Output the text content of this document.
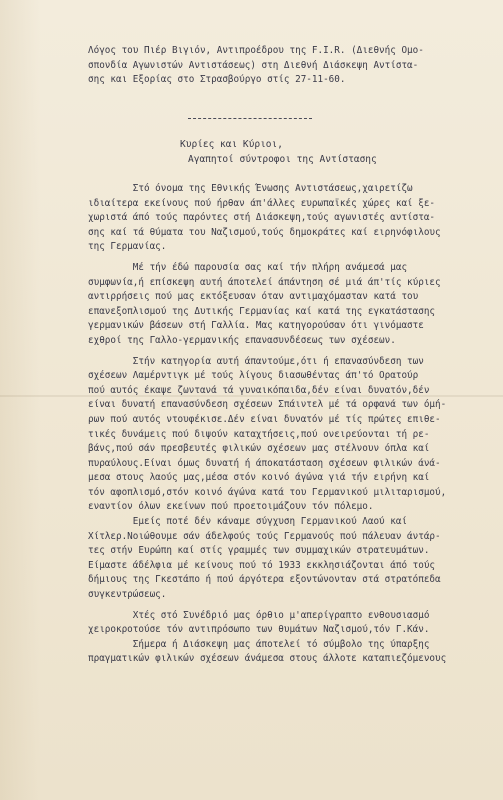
Λόγος του Πιέρ Βιγιόν, Αντιπροέδρου της F.I.R. (Διεθνής Ομο-
σπονδία Αγωνιστών Αντιστάσεως) στη Διεθνή Διάσκεψη Αντίστα-
σης και Εξορίας στο Στρασβούργο στίς 27-11-60.
Κυρίες και Κύριοι,
Αγαπητοί σύντροφοι της Αντίστασης
Στό όνομα της Εθνικής Ένωσης Αντιστάσεως,χαιρετίζω
ιδιαίτερα εκείνους πού ήρθαν άπ'άλλες ευρωπαϊκές χώρες καί ξε-
χωριστά άπό τούς παρόντες στή Διάσκεψη,τούς αγωνιστές αντίστα-
σης καί τά θύματα του Ναζισμού,τούς δημοκράτες καί ειρηνόφιλους
της Γερμανίας.
Μέ τήν έδώ παρουσία σας καί τήν πλήρη ανάμεσά μας
συμφωνία,ή επίσκεψη αυτή άποτελεί άπάντηση σέ μιά άπ'τίς κύριες
αντιρρήσεις πού μας εκτόξευσαν όταν αντιμαχόμασταν κατά του
επανεξοπλισμού της Δυτικής Γερμανίας καί κατά της εγκατάστασης
γερμανικών βάσεων στή Γαλλία. Μας κατηγορούσαν ότι γινόμαστε
εχθροί της Γαλλο-γερμανικής επανασυνδέσεως των σχέσεων.
Στήν κατηγορία αυτή άπαντούμε,ότι ή επανασύνδεση των
σχέσεων Λαμέρντιγκ μέ τούς λίγους διασωθέντας άπ'τό Ορατούρ
πού αυτός έκαψε ζωντανά τά γυναικόπαιδα,δέν είναι δυνατόν,δέν
είναι δυνατή επανασύνδεση σχέσεων Σπάιντελ μέ τά ορφανά των όμή-
ρων πού αυτός ντουφέκισε.Δέν είναι δυνατόν μέ τίς πρώτες επιθε-
τικές δυνάμεις πού διψούν καταχτήσεις,πού ονειρεύονται τή ρε-
βάνς,πού σάν πρεσβευτές φιλικών σχέσεων μας στέλνουν όπλα καί
πυραύλους.Είναι όμως δυνατή ή άποκατάσταση σχέσεων φιλικών άνά-
μεσα στους λαούς μας,μέσα στόν κοινό άγώνα γιά τήν ειρήνη καί
τόν αφοπλισμό,στόν κοινό άγώνα κατά του Γερμανικού μιλιταρισμού,
εναντίον όλων εκείνων πού προετοιμάζουν τόν πόλεμο.
Εμείς ποτέ δέν κάναμε σύγχυση Γερμανικού Λαού καί
Χίτλερ.Νοιώθουμε σάν άδελφούς τούς Γερμανούς πού πάλευαν άντάρ-
τες στήν Ευρώπη καί στίς γραμμές των συμμαχικών στρατευμάτων.
Είμαστε άδέλφια μέ κείνους πού τό 1933 εκκλησιάζονται άπό τούς
δήμιους της Γκεστάπο ή πού άργότερα εξοντώνονταν στά στρατόπεδα
συγκεντρώσεως.
Χτές στό Συνέδριό μας όρθιο μ'απερίγραπτο ενθουσιασμό
χειροκροτούσε τόν αντιπρόσωπο των θυμάτων Ναζισμού,τόν Γ.Κάν.
Σήμερα ή Διάσκεψη μας άποτελεί τό σύμβολο της ύπαρξης
πραγματικών φιλικών σχέσεων άνάμεσα στους άλλοτε καταπιεζόμενους
